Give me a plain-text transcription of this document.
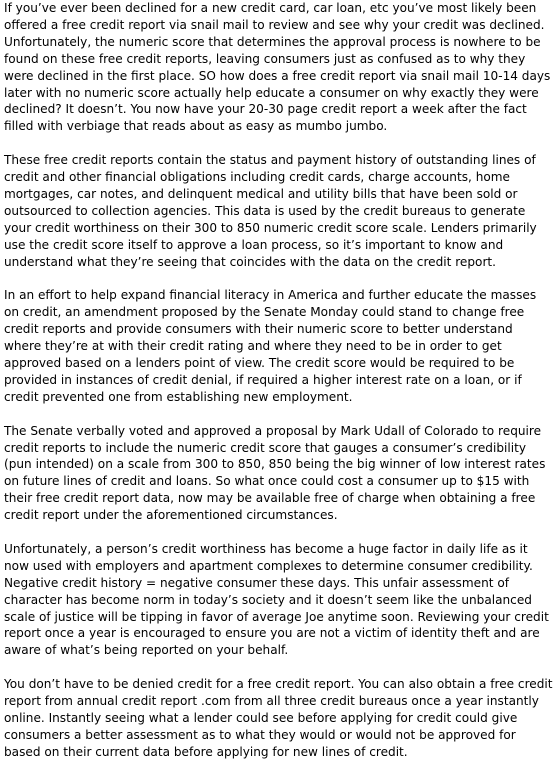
If you’ve ever been declined for a new credit card, car loan, etc you’ve most likely been offered a free credit report via snail mail to review and see why your credit was declined. Unfortunately, the numeric score that determines the approval process is nowhere to be found on these free credit reports, leaving consumers just as confused as to why they were declined in the first place. SO how does a free credit report via snail mail 10-14 days later with no numeric score actually help educate a consumer on why exactly they were declined? It doesn’t. You now have your 20-30 page credit report a week after the fact filled with verbiage that reads about as easy as mumbo jumbo.

These free credit reports contain the status and payment history of outstanding lines of credit and other financial obligations including credit cards, charge accounts, home mortgages, car notes, and delinquent medical and utility bills that have been sold or outsourced to collection agencies. This data is used by the credit bureaus to generate your credit worthiness on their 300 to 850 numeric credit score scale. Lenders primarily use the credit score itself to approve a loan process, so it’s important to know and understand what they’re seeing that coincides with the data on the credit report.

In an effort to help expand financial literacy in America and further educate the masses on credit, an amendment proposed by the Senate Monday could stand to change free credit reports and provide consumers with their numeric score to better understand where they’re at with their credit rating and where they need to be in order to get approved based on a lenders point of view. The credit score would be required to be provided in instances of credit denial, if required a higher interest rate on a loan, or if credit prevented one from establishing new employment.

The Senate verbally voted and approved a proposal by Mark Udall of Colorado to require credit reports to include the numeric credit score that gauges a consumer’s credibility (pun intended) on a scale from 300 to 850, 850 being the big winner of low interest rates on future lines of credit and loans. So what once could cost a consumer up to $15 with their free credit report data, now may be available free of charge when obtaining a free credit report under the aforementioned circumstances.

Unfortunately, a person’s credit worthiness has become a huge factor in daily life as it now used with employers and apartment complexes to determine consumer credibility. Negative credit history = negative consumer these days. This unfair assessment of character has become norm in today’s society and it doesn’t seem like the unbalanced scale of justice will be tipping in favor of average Joe anytime soon. Reviewing your credit report once a year is encouraged to ensure you are not a victim of identity theft and are aware of what’s being reported on your behalf.

You don’t have to be denied credit for a free credit report. You can also obtain a free credit report from annual credit report .com from all three credit bureaus once a year instantly online. Instantly seeing what a lender could see before applying for credit could give consumers a better assessment as to what they would or would not be approved for based on their current data before applying for new lines of credit.
